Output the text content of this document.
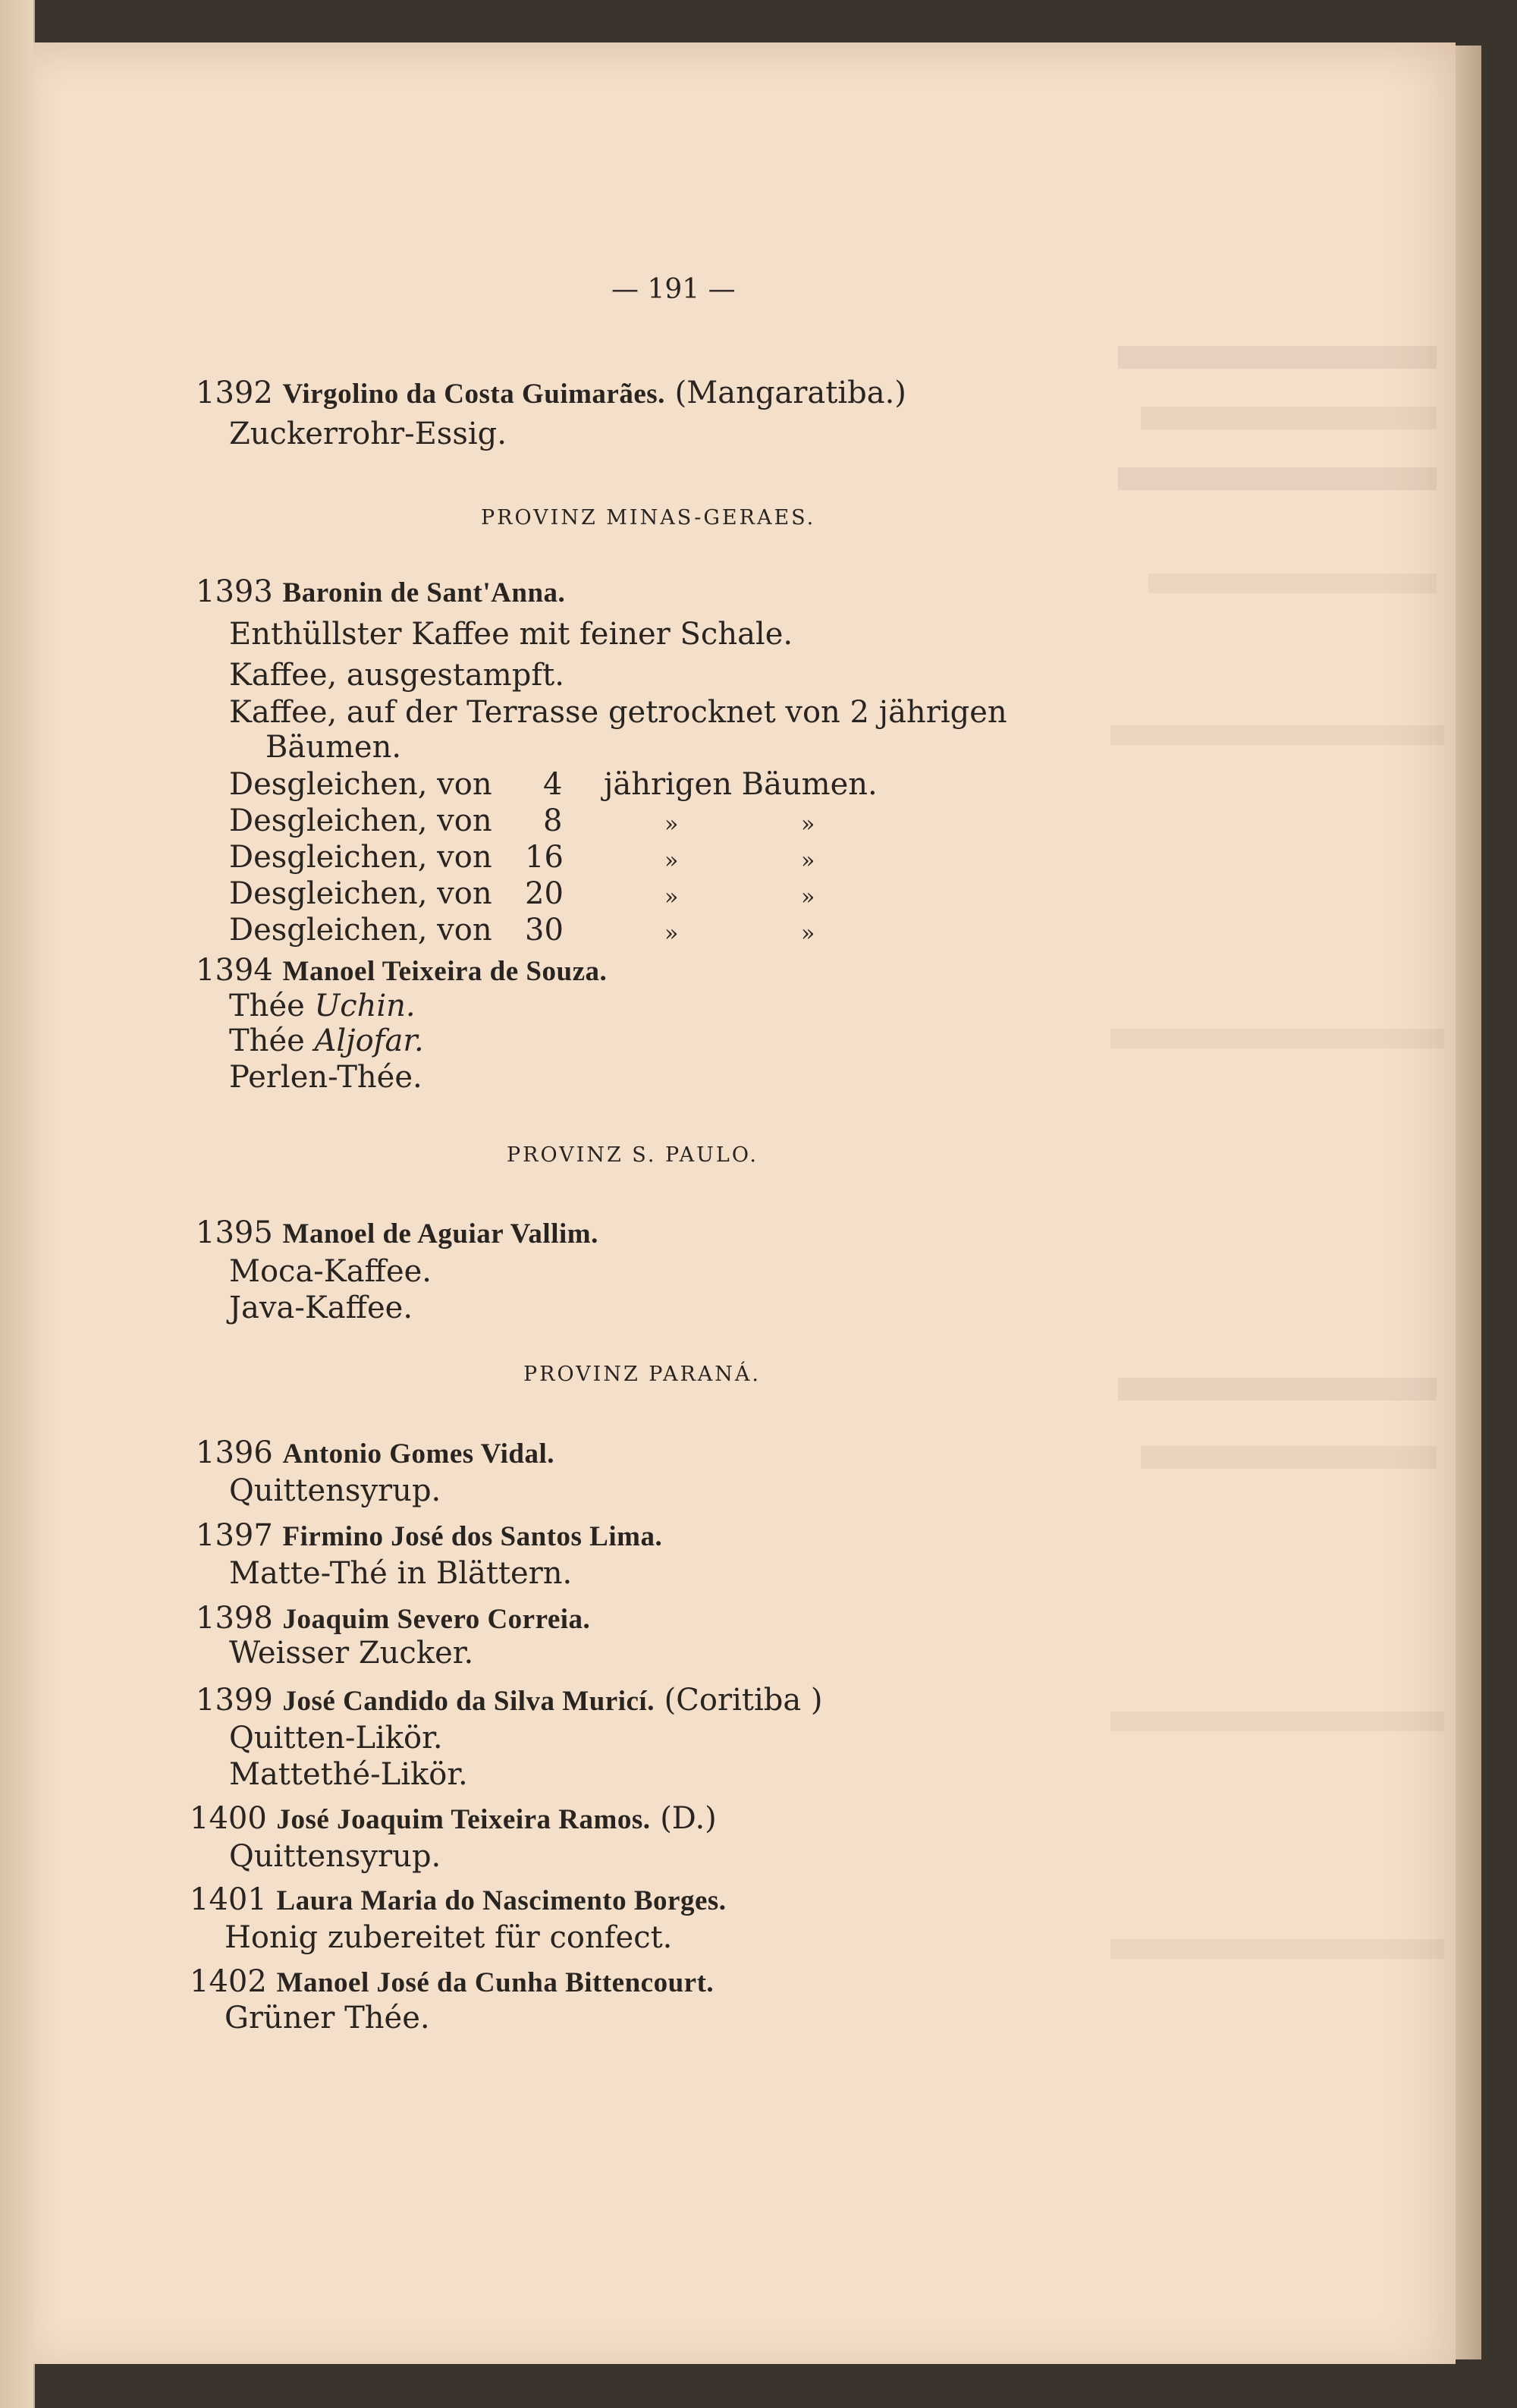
— 191 —
1392 Virgolino da Costa Guimarães. (Mangaratiba.)
Zuckerrohr-Essig.
PROVINZ MINAS-GERAES.
1393 Baronin de Sant'Anna.
Enthüllster Kaffee mit feiner Schale.
Kaffee, ausgestampft.
Kaffee, auf der Terrasse getrocknet von 2 jährigen
Bäumen.
Desgleichen, von 4 jährigen Bäumen.
Desgleichen, von 8	»	»
Desgleichen, von 16	»	»
Desgleichen, von 20	»	»
Desgleichen, von 30	»	»
1394 Manoel Teixeira de Souza.
Thée Uchin.
Thée Aljofar.
Perlen-Thée.
PROVINZ S. PAULO.
1395 Manoel de Aguiar Vallim.
Moca-Kaffee.
Java-Kaffee.
PROVINZ PARANÁ.
1396 Antonio Gomes Vidal.
Quittensyrup.
1397 Firmino José dos Santos Lima.
Matte-Thé in Blättern.
1398 Joaquim Severo Correia.
Weisser Zucker.
1399 José Candido da Silva Muricí. (Coritiba )
Quitten-Likör.
Mattethé-Likör.
1400 José Joaquim Teixeira Ramos. (D.)
Quittensyrup.
1401 Laura Maria do Nascimento Borges.
Honig zubereitet für confect.
1402 Manoel José da Cunha Bittencourt.
Grüner Thée.
